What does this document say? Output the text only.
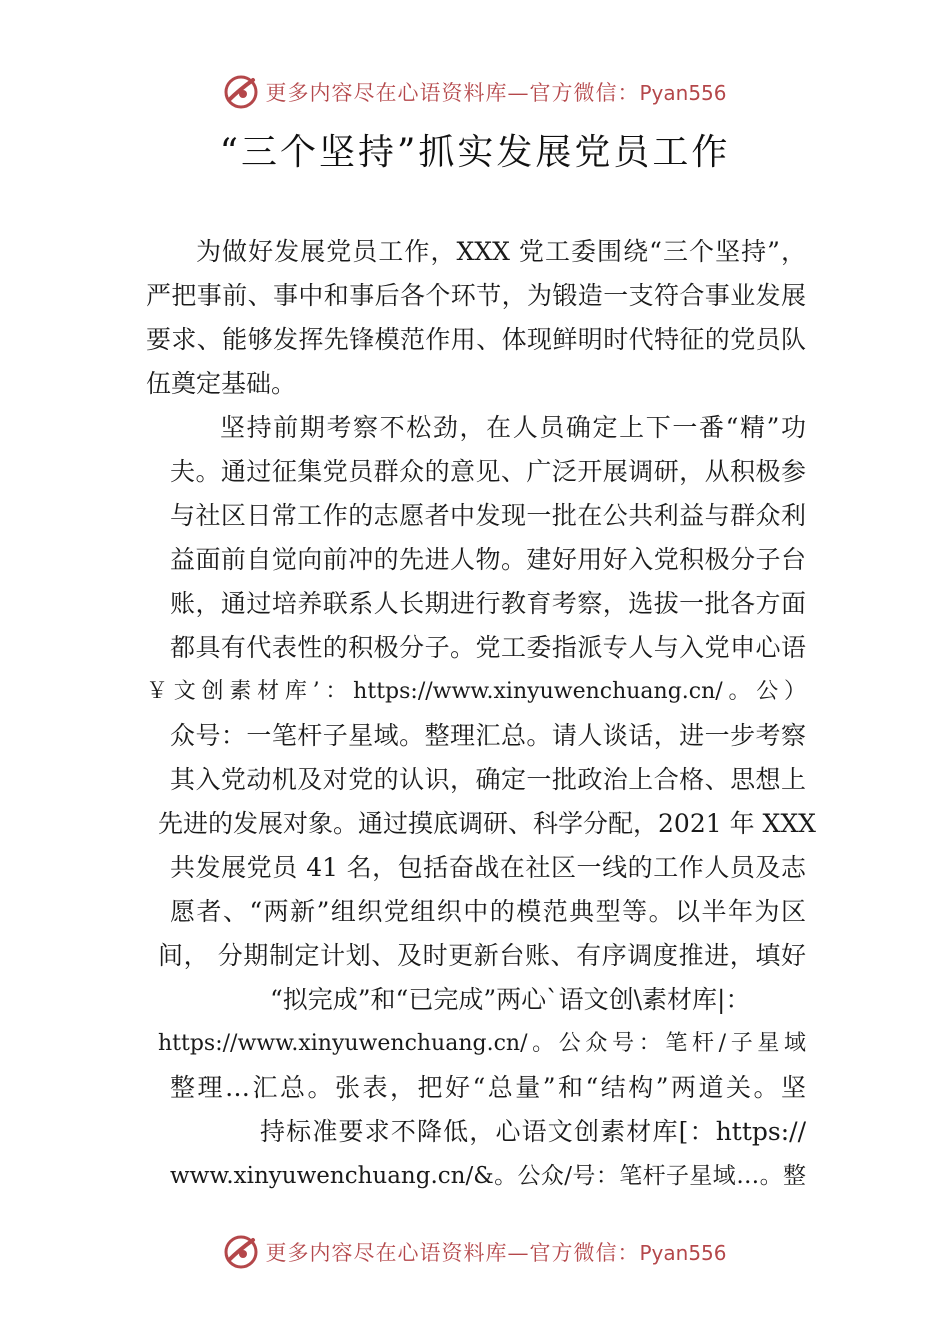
更多内容尽在心语资料库—官方微信：Pyan556
“三个坚持”抓实发展党员工作
为做好发展党员工作，XXX 党工委围绕“三个坚持”，
严把事前、事中和事后各个环节，为锻造一支符合事业发展
要求、能够发挥先锋模范作用、体现鲜明时代特征的党员队
伍奠定基础。
坚持前期考察不松劲，在人员确定上下一番“精”功
夫。通过征集党员群众的意见、广泛开展调研，从积极参
与社区日常工作的志愿者中发现一批在公共利益与群众利
益面前自觉向前冲的先进人物。建好用好入党积极分子台
账，通过培养联系人长期进行教育考察，选拔一批各方面
都具有代表性的积极分子。党工委指派专人与入党申心语
￥文创素材库’：https://www.xinyuwenchuang.cn/。公）
众号：一笔杆子星域。整理汇总。请人谈话，进一步考察
其入党动机及对党的认识，确定一批政治上合格、思想上
先进的发展对象。通过摸底调研、科学分配，2021 年 XXX
共发展党员 41 名，包括奋战在社区一线的工作人员及志
愿者、“两新”组织党组织中的模范典型等。以半年为区
间， 分期制定计划、及时更新台账、有序调度推进，填好
“拟完成”和“已完成”两心`语文创\素材库|：
https://www.xinyuwenchuang.cn/。公众号：笔杆/子星域
整理…汇总。张表，把好“总量”和“结构”两道关。坚
持标准要求不降低，心语文创素材库[：https://
www.xinyuwenchuang.cn/&。公众/号：笔杆子星域…。整
更多内容尽在心语资料库—官方微信：Pyan556
